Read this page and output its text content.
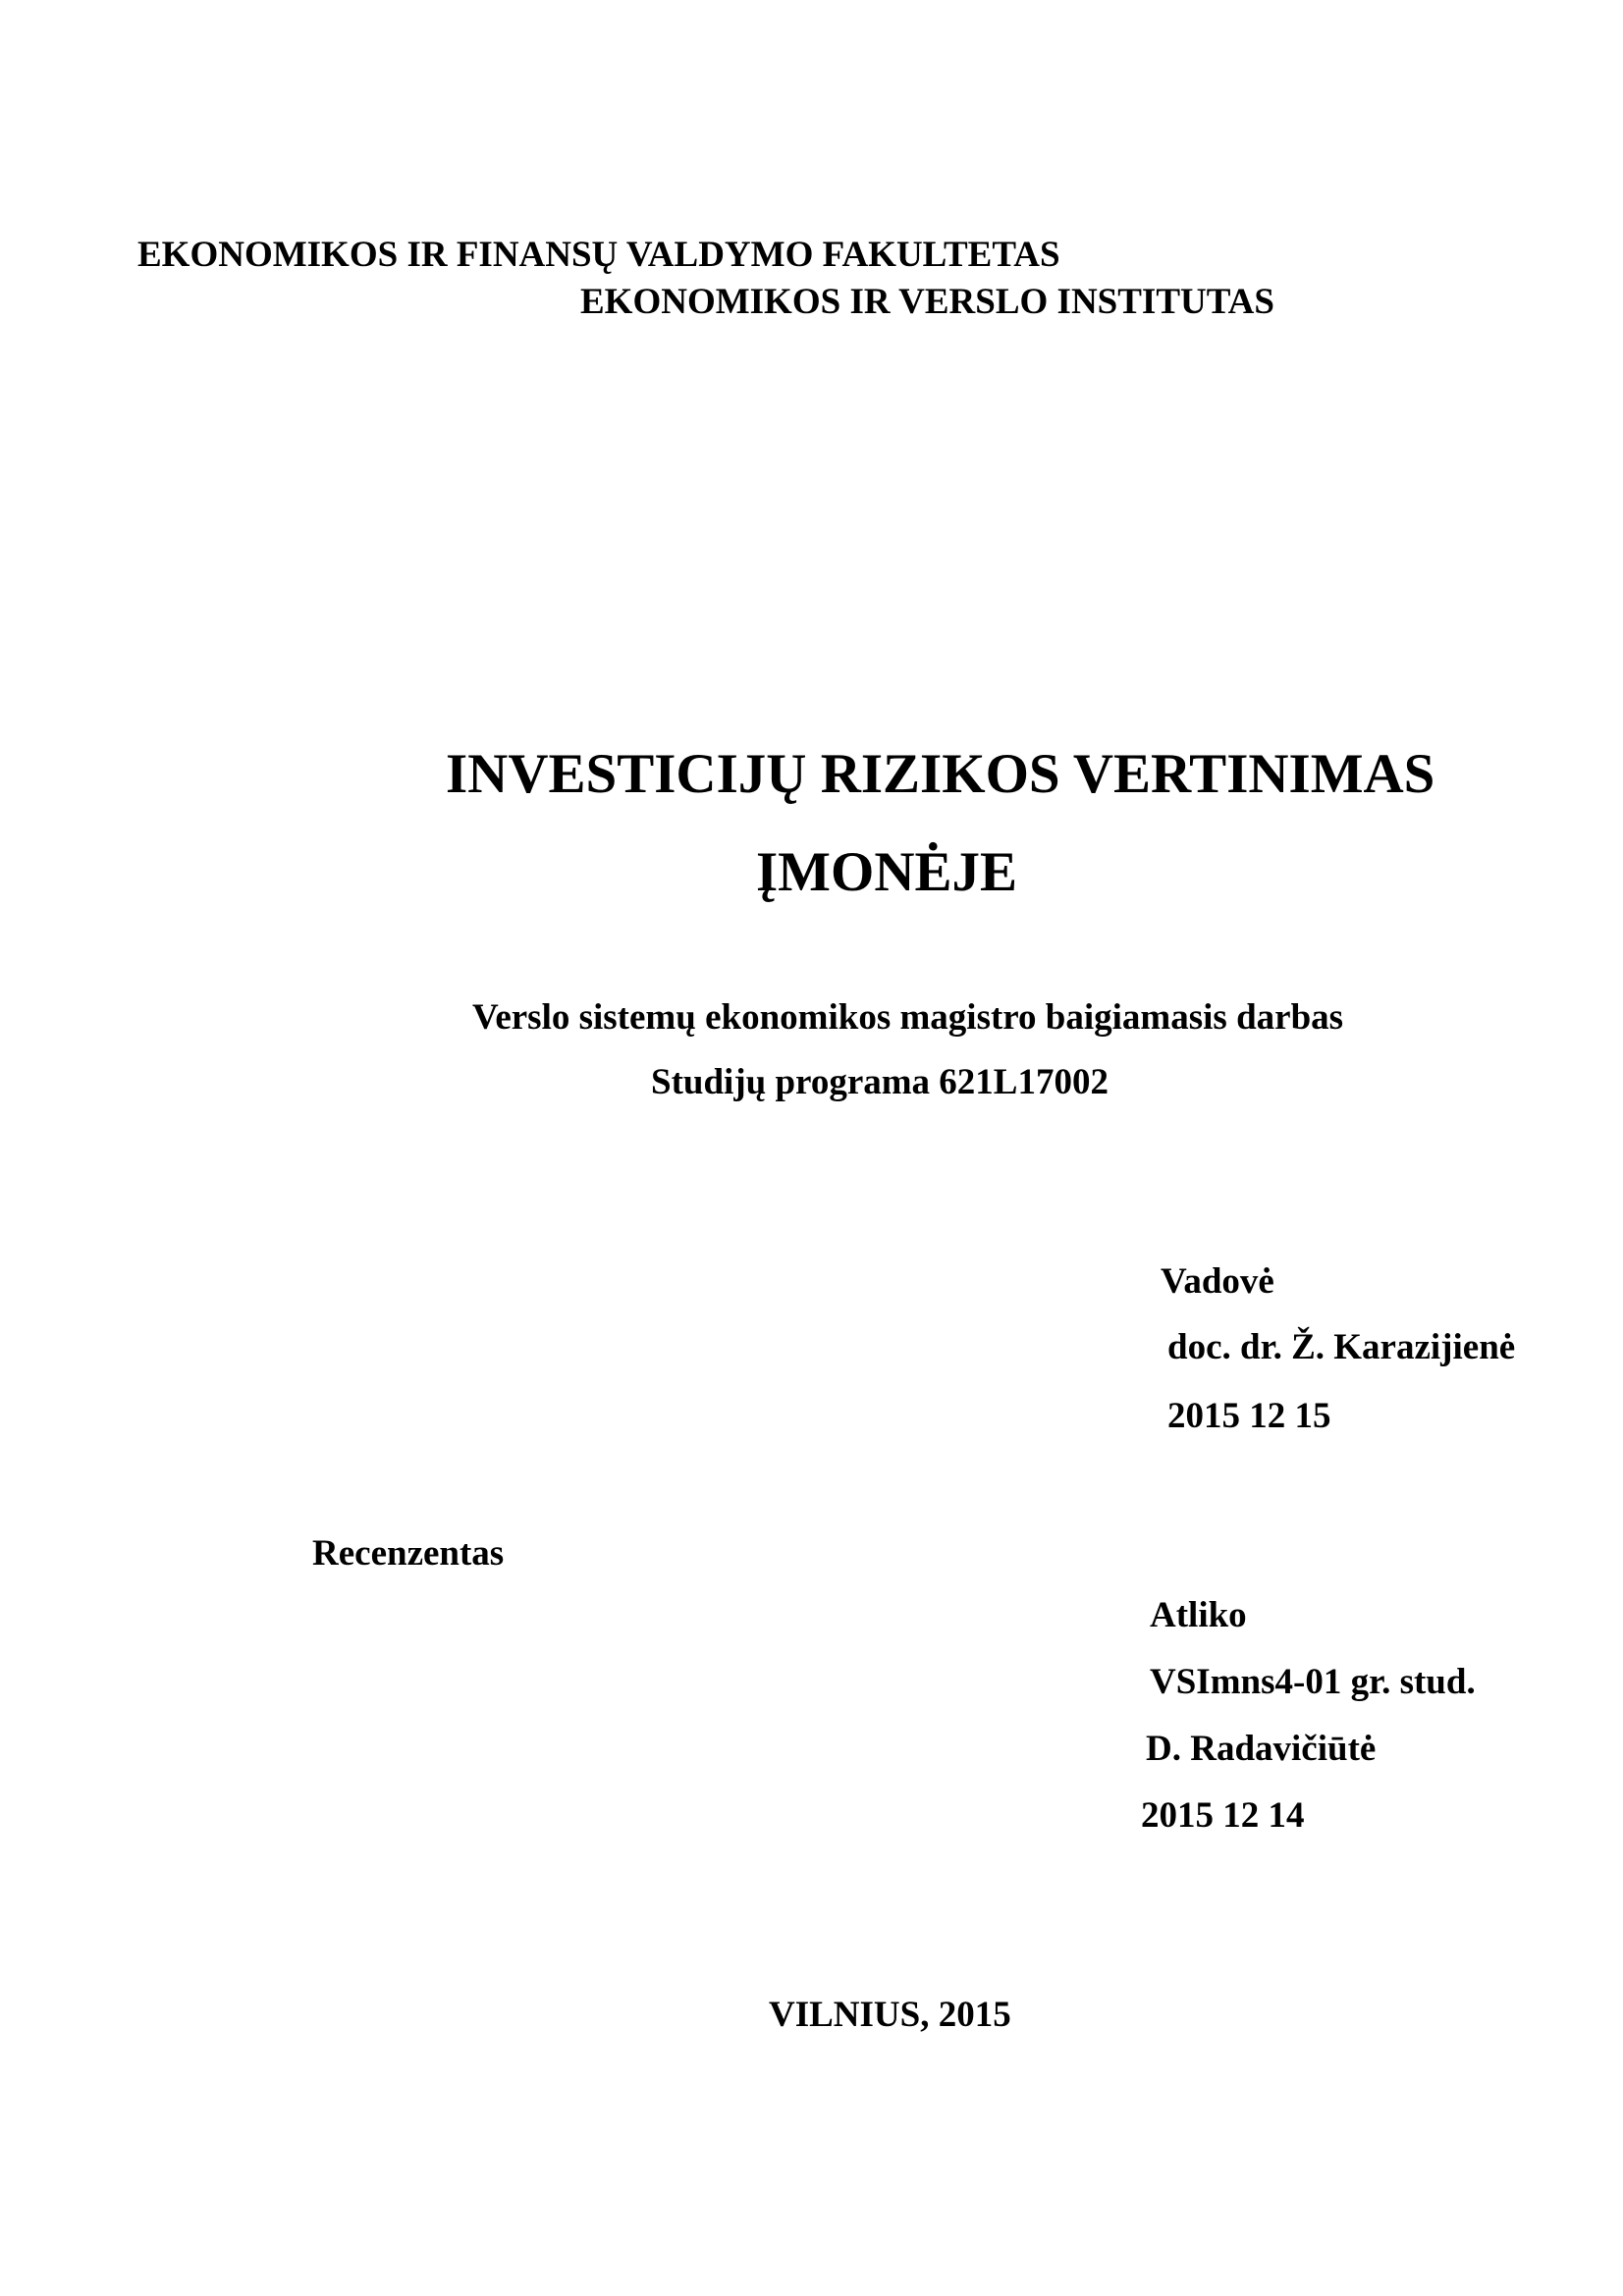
EKONOMIKOS IR FINANSŲ VALDYMO FAKULTETAS

EKONOMIKOS IR VERSLO INSTITUTAS

INVESTICIJŲ RIZIKOS VERTINIMAS
ĮMONĖJE

Verslo sistemų ekonomikos magistro baigiamasis darbas

Studijų programa 621L17002

Vadovė

doc. dr. Ž. Karazijienė

2015 12 15

Recenzentas

Atliko

VSImns4-01 gr. stud.

D. Radavičiūtė

2015 12 14

VILNIUS, 2015
